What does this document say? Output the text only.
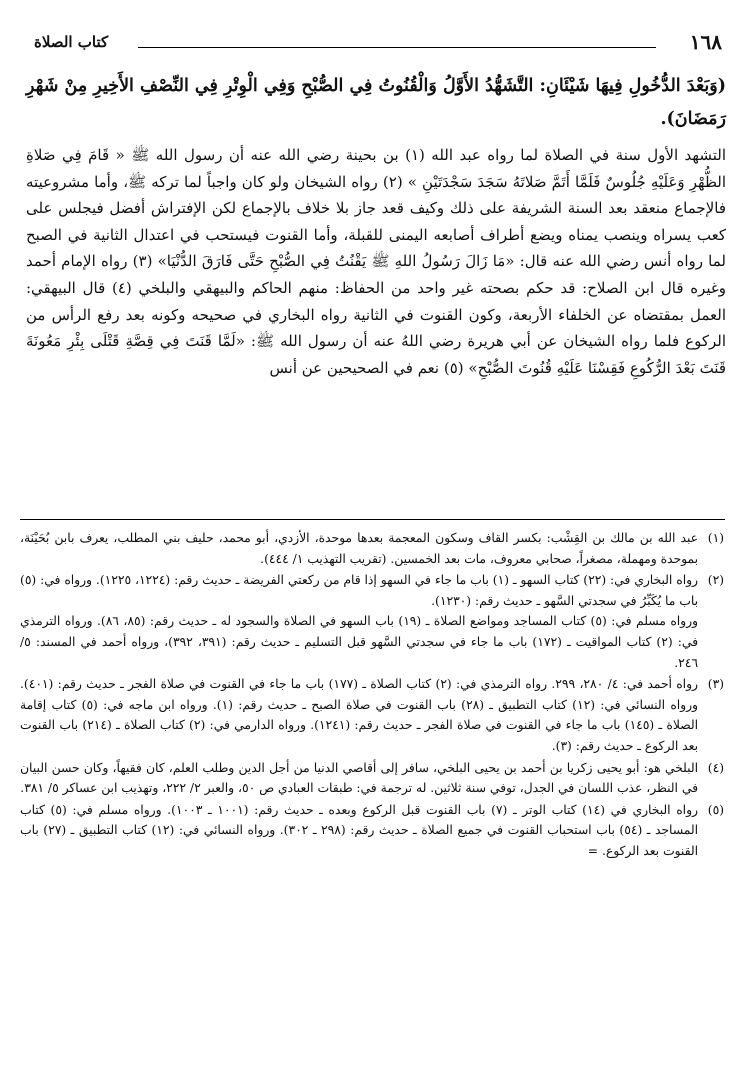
١٦٨
كتاب الصلاة

(وَبَعْدَ الدُّخُولِ فِيهَا شَيْئَانِ: التَّشَهُّدُ الأَوَّلُ وَالْقُنُوتُ فِي الصُّبْحِ وَفِي الْوِتْرِ فِي النِّصْفِ الأَخِيرِ مِنْ شَهْرِ رَمَضَانَ).

التشهد الأول سنة في الصلاة لما رواه عبد الله (١) بن بحينة رضي الله عنه أن رسول الله ﷺ « قَامَ فِي صَلاةِ الظُّهْرِ وَعَلَيْهِ جُلُوسٌ فَلَمَّا أَتَمَّ صَلاتَهُ سَجَدَ سَجْدَتَيْنِ » (٢) رواه الشيخان ولو كان واجباً لما تركه ﷺ، وأما مشروعيته فالإجماع منعقد بعد السنة الشريفة على ذلك وكيف قعد جاز بلا خلاف بالإجماع لكن الإفتراش أفضل فيجلس على كعب يسراه وينصب يمناه ويضع أطراف أصابعه اليمنى للقبلة، وأما القنوت فيستحب في اعتدال الثانية في الصبح لما رواه أنس رضي الله عنه قال: «مَا زَالَ رَسُولُ اللهِ ﷺ يَقْنُتُ فِي الصُّبْحِ حَتَّى فَارَقَ الدُّنْيَا» (٣) رواه الإمام أحمد وغيره قال ابن الصلاح: قد حكم بصحته غير واحد من الحفاظ: منهم الحاكم والبيهقي والبلخي (٤) قال البيهقي: العمل بمقتضاه عن الخلفاء الأربعة، وكون القنوت في الثانية رواه البخاري في صحيحه وكونه بعد رفع الرأس من الركوع فلما رواه الشيخان عن أبي هريرة رضي اللهُ عنه أن رسول الله ﷺ: «لَمَّا قَنَتَ فِي قِصَّةِ قَتْلَى بِئْرِ مَعُونَةَ قَنَتَ بَعْدَ الرُّكُوعِ فَقِسْنَا عَلَيْهِ قُنُوتَ الصُّبْحِ» (٥) نعم في الصحيحين عن أنس

(١)

عبد الله بن مالك بن القِشْب: بكسر القاف وسكون المعجمة بعدها موحدة، الأزدي، أبو محمد، حليف بني المطلب، يعرف بابن بُحَيْنَة، بموحدة ومهملة، مصغراً، صحابي معروف، مات بعد الخمسين. (تقريب التهذيب ١/ ٤٤٤).

(٢)

رواه البخاري في: (٢٢) كتاب السهو ـ (١) باب ما جاء في السهو إذا قام من ركعتي الفريضة ـ حديث رقم: (١٢٢٤، ١٢٢٥). ورواه في: (٥) باب ما يُكَبِّرُ في سجدتي السَّهو ـ حديث رقم: (١٢٣٠).

ورواه مسلم في: (٥) كتاب المساجد ومواضع الصلاة ـ (١٩) باب السهو في الصلاة والسجود له ـ حديث رقم: (٨٥، ٨٦). ورواه الترمذي في: (٢) كتاب المواقيت ـ (١٧٢) باب ما جاء في سجدتي السَّهو قبل التسليم ـ حديث رقم: (٣٩١، ٣٩٢)، ورواه أحمد في المسند: ٥/ ٢٤٦.

(٣)

رواه أحمد في: ٤/ ٢٨٠، ٢٩٩. رواه الترمذي في: (٢) كتاب الصلاة ـ (١٧٧) باب ما جاء في القنوت في صلاة الفجر ـ حديث رقم: (٤٠١). ورواه النسائي في: (١٢) كتاب التطبيق ـ (٢٨) باب القنوت في صلاة الصبح ـ حديث رقم: (١). ورواه ابن ماجه في: (٥) كتاب إقامة الصلاة ـ (١٤٥) باب ما جاء في القنوت في صلاة الفجر ـ حديث رقم: (١٢٤١). ورواه الدارمي في: (٢) كتاب الصلاة ـ (٢١٤) باب القنوت بعد الركوع ـ حديث رقم: (٣).

(٤)

البلخي هو: أبو يحيى زكريا بن أحمد بن يحيى البلخي، سافر إلى أقاصي الدنيا من أجل الدين وطلب العلم، كان فقيهاً، وكان حسن البيان في النظر، عذب اللسان في الجدل، توفي سنة ثلاثين. له ترجمة في: طبقات العبادي ص ٥٠، والعبر ٢/ ٢٢٢، وتهذيب ابن عساكر ٥/ ٣٨١.

(٥)

رواه البخاري في (١٤) كتاب الوتر ـ (٧) باب القنوت قبل الركوع وبعده ـ حديث رقم: (١٠٠١ ـ ١٠٠٣). ورواه مسلم في: (٥) كتاب المساجد ـ (٥٤) باب استحباب القنوت في جميع الصلاة ـ حديث رقم: (٢٩٨ ـ ٣٠٢). ورواه النسائي في: (١٢) كتاب التطبيق ـ (٢٧) باب القنوت بعد الركوع. =
